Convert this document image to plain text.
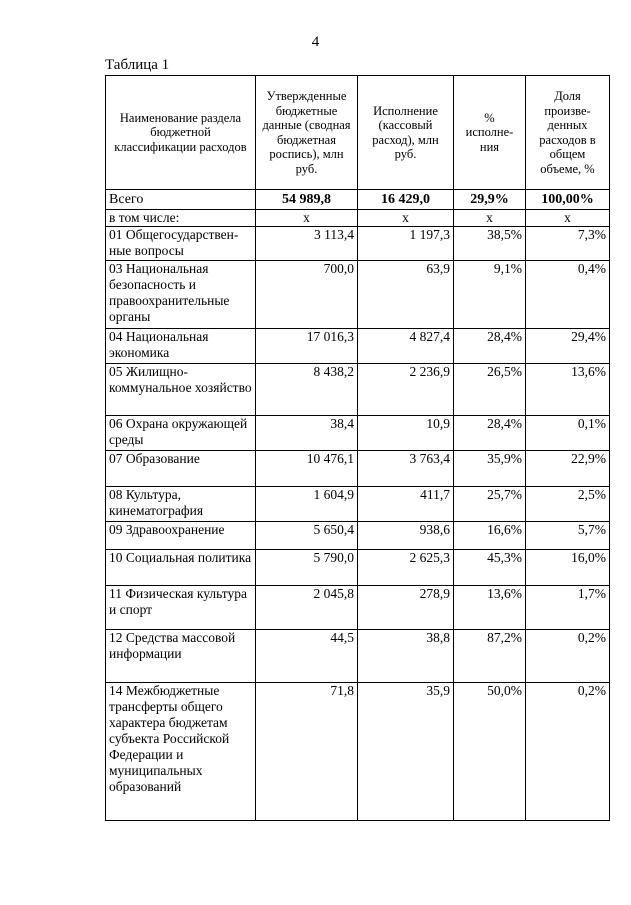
4
Таблица 1
Наименование раздела бюджетной классификации расходов	Утвержденные бюджетные данные (сводная бюджетная роспись), млн руб.	Исполнение (кассовый расход), млн руб.	% исполне-ния	Доля произве-денных расходов в общем объеме, %
Всего	54 989,8	16 429,0	29,9%	100,00%
в том числе:	x	x	x	x
01 Общегосударствен-ные вопросы	3 113,4	1 197,3	38,5%	7,3%
03 Национальная безопасность и правоохранительные органы	700,0	63,9	9,1%	0,4%
04 Национальная экономика	17 016,3	4 827,4	28,4%	29,4%
05 Жилищно-коммунальное хозяйство	8 438,2	2 236,9	26,5%	13,6%
06 Охрана окружающей среды	38,4	10,9	28,4%	0,1%
07 Образование	10 476,1	3 763,4	35,9%	22,9%
08 Культура, кинематография	1 604,9	411,7	25,7%	2,5%
09 Здравоохранение	5 650,4	938,6	16,6%	5,7%
10 Социальная политика	5 790,0	2 625,3	45,3%	16,0%
11 Физическая культура и спорт	2 045,8	278,9	13,6%	1,7%
12 Средства массовой информации	44,5	38,8	87,2%	0,2%
14 Межбюджетные трансферты общего характера бюджетам субъекта Российской Федерации и муниципальных образований	71,8	35,9	50,0%	0,2%
